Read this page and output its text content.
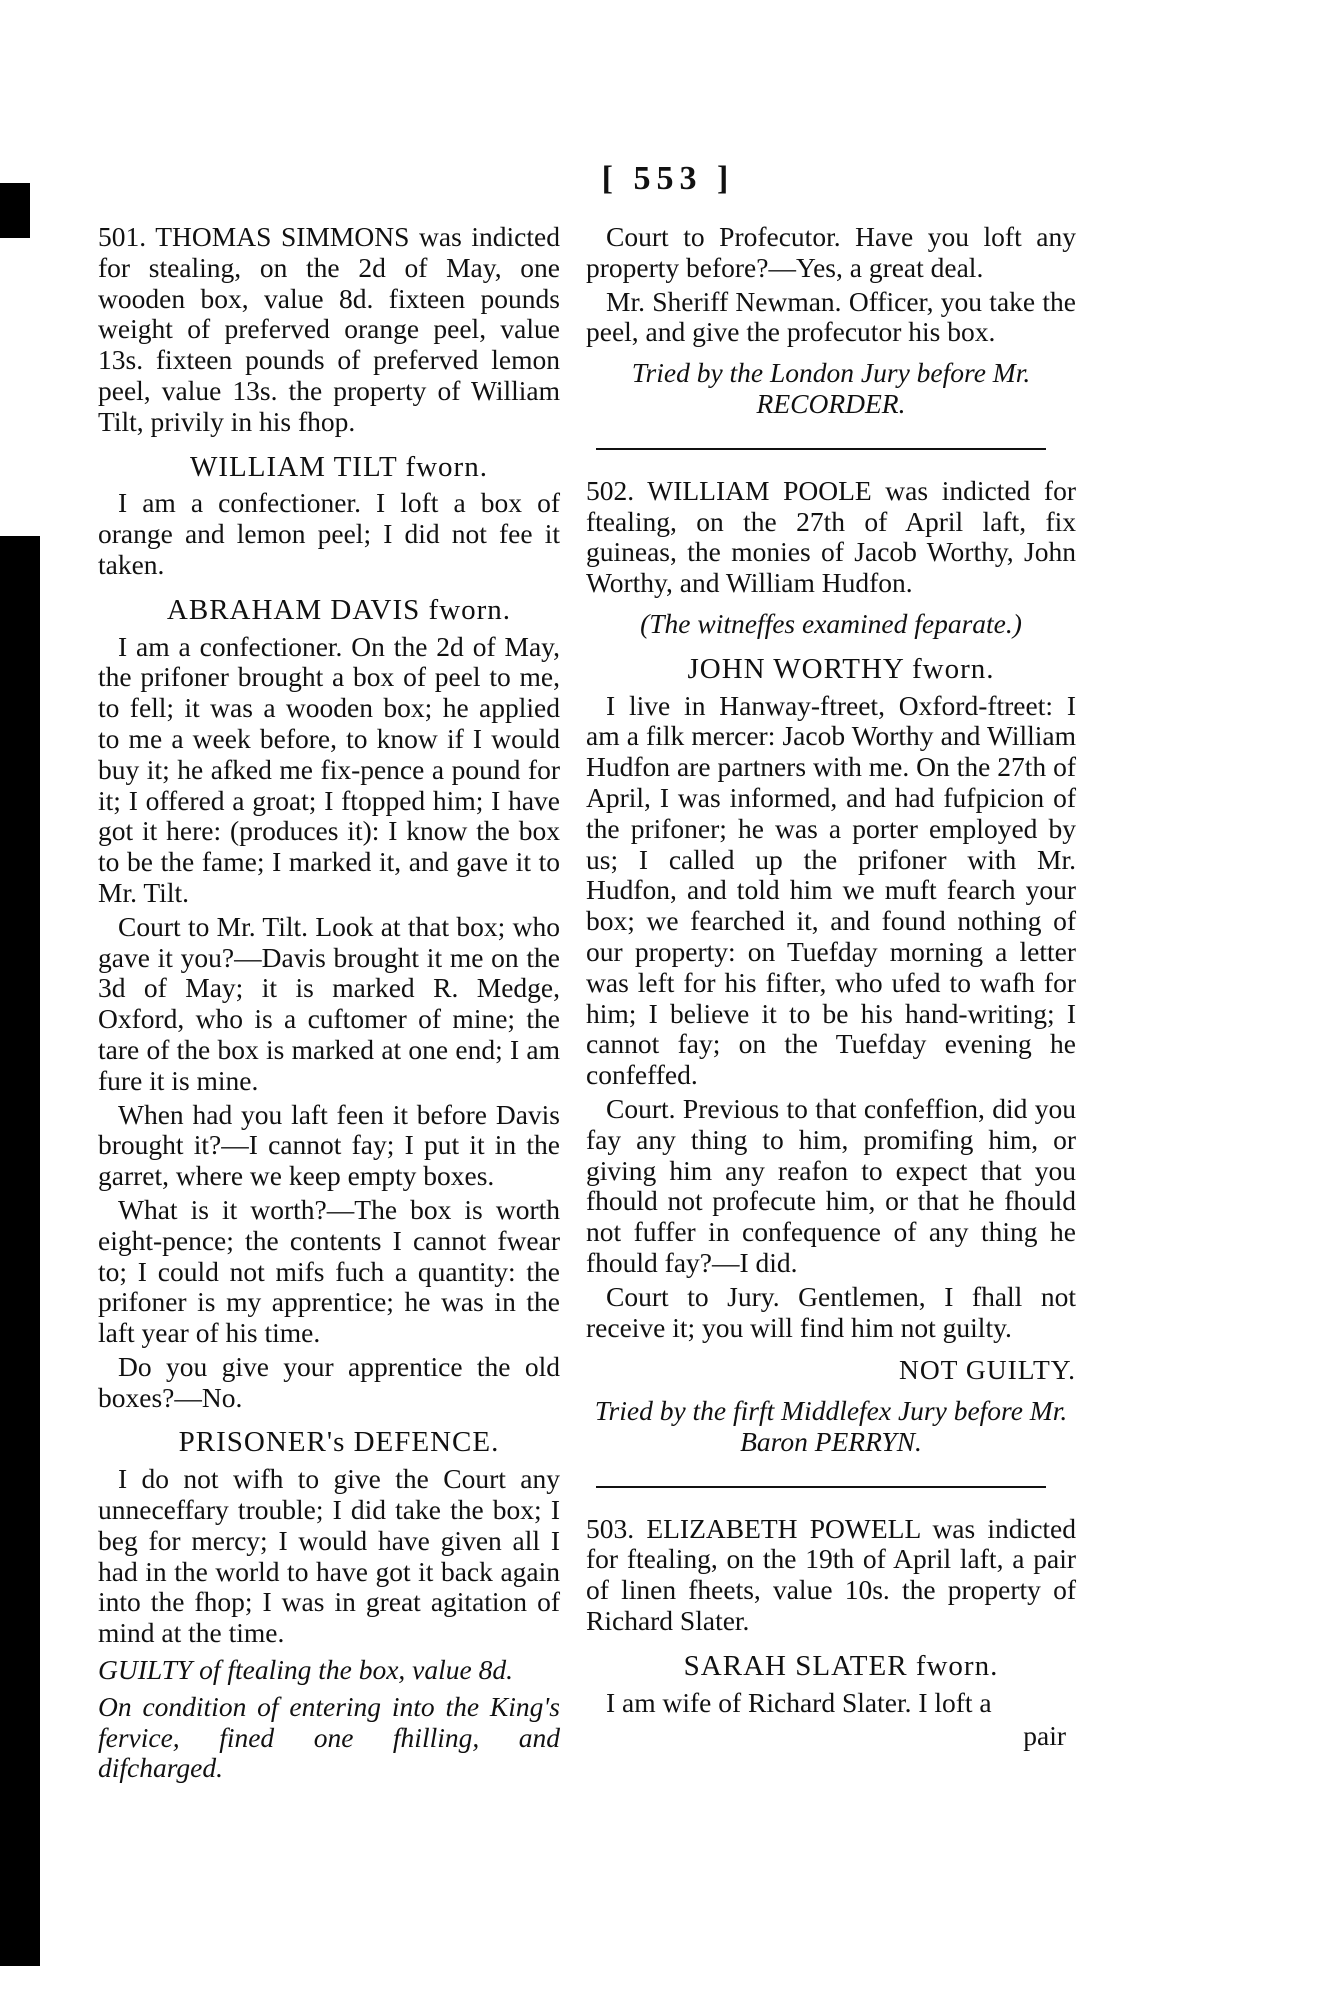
[ 553 ]

501. THOMAS SIMMONS was indicted for stealing, on the 2d of May, one wooden box, value 8d. fixteen pounds weight of preferved orange peel, value 13s. fixteen pounds of preferved lemon peel, value 13s. the property of William Tilt, privily in his fhop.

WILLIAM TILT fworn.

I am a confectioner. I loft a box of orange and lemon peel; I did not fee it taken.

ABRAHAM DAVIS fworn.

I am a confectioner. On the 2d of May, the prifoner brought a box of peel to me, to fell; it was a wooden box; he applied to me a week before, to know if I would buy it; he afked me fix-pence a pound for it; I offered a groat; I ftopped him; I have got it here: (produces it): I know the box to be the fame; I marked it, and gave it to Mr. Tilt.

Court to Mr. Tilt. Look at that box; who gave it you?—Davis brought it me on the 3d of May; it is marked R. Medge, Oxford, who is a cuftomer of mine; the tare of the box is marked at one end; I am fure it is mine.

When had you laft feen it before Davis brought it?—I cannot fay; I put it in the garret, where we keep empty boxes.

What is it worth?—The box is worth eight-pence; the contents I cannot fwear to; I could not mifs fuch a quantity: the prifoner is my apprentice; he was in the laft year of his time.

Do you give your apprentice the old boxes?—No.

PRISONER's DEFENCE.

I do not wifh to give the Court any unneceffary trouble; I did take the box; I beg for mercy; I would have given all I had in the world to have got it back again into the fhop; I was in great agitation of mind at the time.

GUILTY of ftealing the box, value 8d.

On condition of entering into the King's fervice, fined one fhilling, and difcharged.

Court to Profecutor. Have you loft any property before?—Yes, a great deal.

Mr. Sheriff Newman. Officer, you take the peel, and give the profecutor his box.

Tried by the London Jury before Mr. RECORDER.

502. WILLIAM POOLE was indicted for ftealing, on the 27th of April laft, fix guineas, the monies of Jacob Worthy, John Worthy, and William Hudfon.

(The witneffes examined feparate.)

JOHN WORTHY fworn.

I live in Hanway-ftreet, Oxford-ftreet: I am a filk mercer: Jacob Worthy and William Hudfon are partners with me. On the 27th of April, I was informed, and had fufpicion of the prifoner; he was a porter employed by us; I called up the prifoner with Mr. Hudfon, and told him we muft fearch your box; we fearched it, and found nothing of our property: on Tuefday morning a letter was left for his fifter, who ufed to wafh for him; I believe it to be his hand-writing; I cannot fay; on the Tuefday evening he confeffed.

Court. Previous to that confeffion, did you fay any thing to him, promifing him, or giving him any reafon to expect that you fhould not profecute him, or that he fhould not fuffer in confequence of any thing he fhould fay?—I did.

Court to Jury. Gentlemen, I fhall not receive it; you will find him not guilty.

NOT GUILTY.

Tried by the firft Middlefex Jury before Mr. Baron PERRYN.

503. ELIZABETH POWELL was indicted for ftealing, on the 19th of April laft, a pair of linen fheets, value 10s. the property of Richard Slater.

SARAH SLATER fworn.

I am wife of Richard Slater. I loft a

pair
